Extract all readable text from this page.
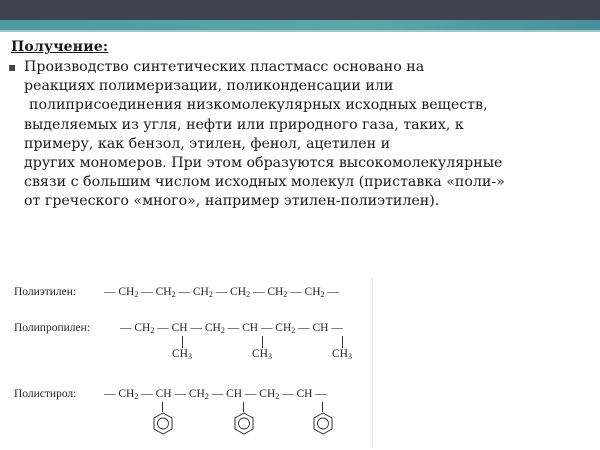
Получение:
▪ Производство синтетических пластмасс основано на
реакциях полимеризации, поликонденсации или
полиприсоединения низкомолекулярных исходных веществ,
выделяемых из угля, нефти или природного газа, таких, к
примеру, как бензол, этилен, фенол, ацетилен и
других мономеров. При этом образуются высокомолекулярные
связи с большим числом исходных молекул (приставка «поли-»
от греческого «много», например этилен-полиэтилен).
Полиэтилен: — $CH_2$ — $CH_2$ — $CH_2$ — $CH_2$ — $CH_2$ — $CH_2$ —
Полипропилен:	— $CH_2$ — CH — $CH_2$ — CH — $CH_2$ — CH —
$CH_3$	$CH_3$	$CH_3$
Полистирол: — $CH_2$ — CH — $CH_2$ — CH — $CH_2$ — CH —
